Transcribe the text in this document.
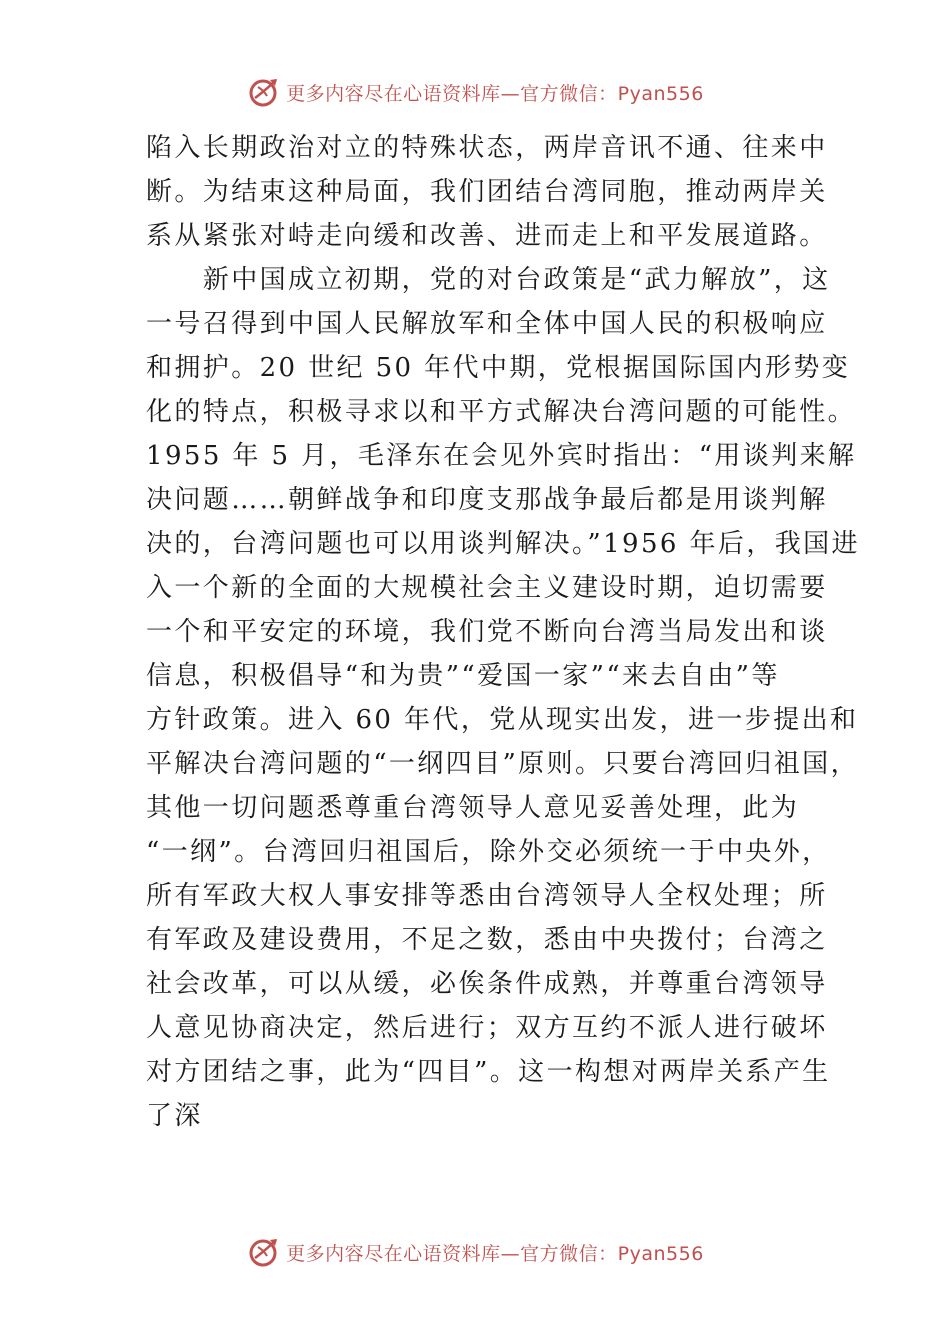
更多内容尽在心语资料库—官方微信：Pyan556
陷入长期政治对立的特殊状态，两岸音讯不通、往来中
断。为结束这种局面，我们团结台湾同胞，推动两岸关
系从紧张对峙走向缓和改善、进而走上和平发展道路。
　　新中国成立初期，党的对台政策是“武力解放”，这
一号召得到中国人民解放军和全体中国人民的积极响应
和拥护。20 世纪 50 年代中期，党根据国际国内形势变
化的特点，积极寻求以和平方式解决台湾问题的可能性。
1955 年 5 月，毛泽东在会见外宾时指出：“用谈判来解
决问题……朝鲜战争和印度支那战争最后都是用谈判解
决的，台湾问题也可以用谈判解决。”1956 年后，我国进
入一个新的全面的大规模社会主义建设时期，迫切需要
一个和平安定的环境，我们党不断向台湾当局发出和谈
信息，积极倡导“和为贵”“爱国一家”“来去自由”等
方针政策。进入 60 年代，党从现实出发，进一步提出和
平解决台湾问题的“一纲四目”原则。只要台湾回归祖国，
其他一切问题悉尊重台湾领导人意见妥善处理，此为
“一纲”。台湾回归祖国后，除外交必须统一于中央外，
所有军政大权人事安排等悉由台湾领导人全权处理；所
有军政及建设费用，不足之数，悉由中央拨付；台湾之
社会改革，可以从缓，必俟条件成熟，并尊重台湾领导
人意见协商决定，然后进行；双方互约不派人进行破坏
对方团结之事，此为“四目”。这一构想对两岸关系产生
了深
更多内容尽在心语资料库—官方微信：Pyan556
